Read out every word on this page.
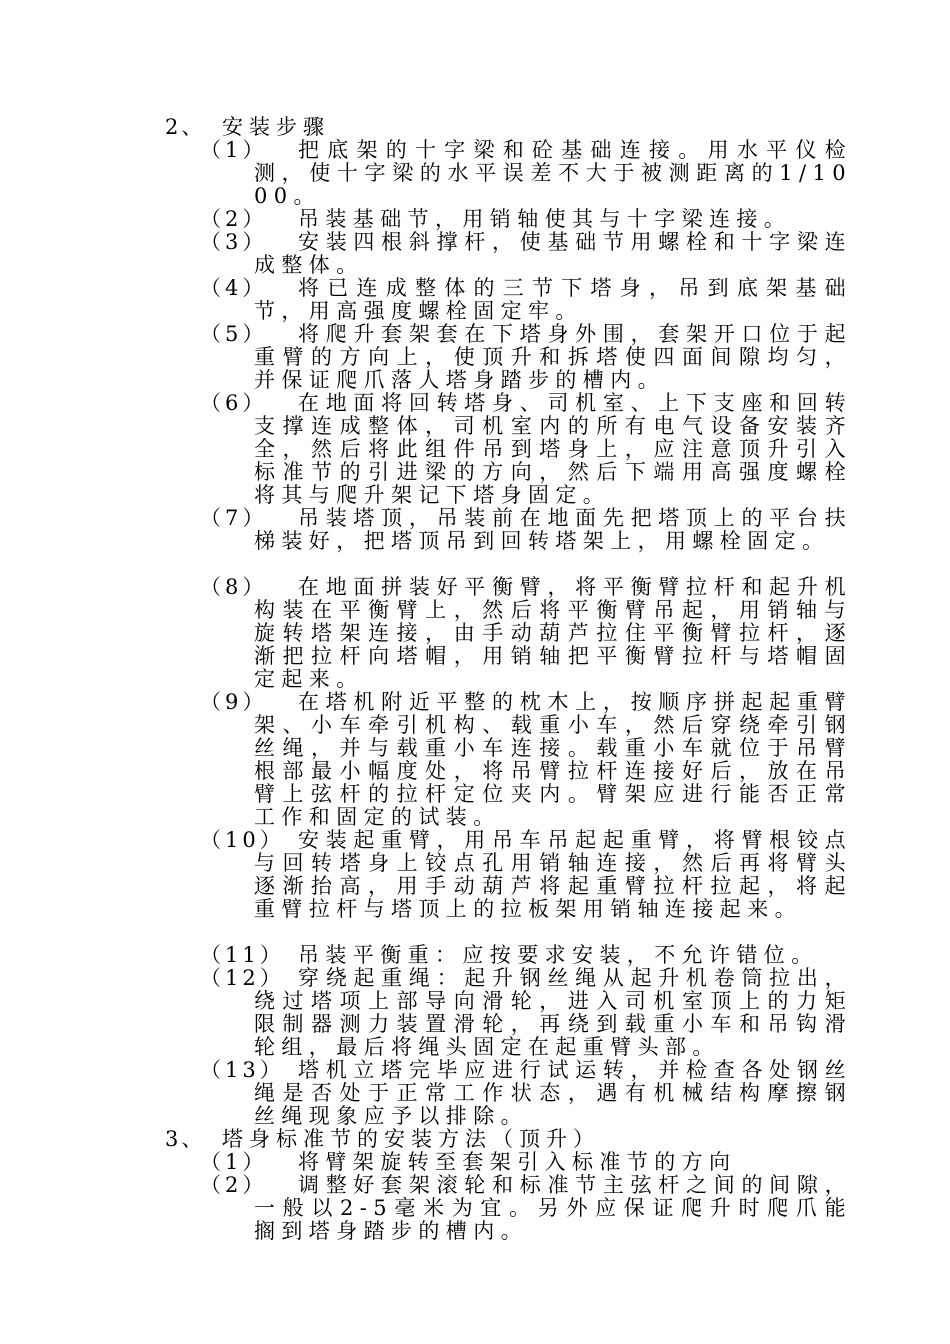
2、

安装步骤

（1）	把底架的十字梁和砼基础连接。用水平仪检测，使十字梁的水平误差不大于被测距离的1/1000。
（2）	吊装基础节，用销轴使其与十字梁连接。
（3）	安装四根斜撑杆，使基础节用螺栓和十字梁连成整体。
（4）	将已连成整体的三节下塔身，吊到底架基础节，用高强度螺栓固定牢。
（5）	将爬升套架套在下塔身外围，套架开口位于起重臂的方向上，使顶升和拆塔使四面间隙均匀，并保证爬爪落人塔身踏步的槽内。
（6）	在地面将回转塔身、司机室、上下支座和回转支撑连成整体，司机室内的所有电气设备安装齐全，然后将此组件吊到塔身上，应注意顶升引入标准节的引进梁的方向，然后下端用高强度螺栓将其与爬升架记下塔身固定。
（7）	吊装塔顶，吊装前在地面先把塔顶上的平台扶梯装好，把塔顶吊到回转塔架上，用螺栓固定。
（8）	在地面拼装好平衡臂，将平衡臂拉杆和起升机构装在平衡臂上，然后将平衡臂吊起，用销轴与旋转塔架连接，由手动葫芦拉住平衡臂拉杆，逐渐把拉杆向塔帽，用销轴把平衡臂拉杆与塔帽固定起来。
（9）	在塔机附近平整的枕木上，按顺序拼起起重臂架、小车牵引机构、载重小车，然后穿绕牵引钢丝绳，并与载重小车连接。载重小车就位于吊臂根部最小幅度处，将吊臂拉杆连接好后，放在吊臂上弦杆的拉杆定位夹内。臂架应进行能否正常工作和固定的试装。
（10） 安装起重臂，用吊车吊起起重臂，将臂根铰点与回转塔身上铰点孔用销轴连接，然后再将臂头逐渐抬高，用手动葫芦将起重臂拉杆拉起，将起重臂拉杆与塔顶上的拉板架用销轴连接起来。
（11） 吊装平衡重：应按要求安装，不允许错位。
（12） 穿绕起重绳：起升钢丝绳从起升机卷筒拉出，绕过塔项上部导向滑轮，进入司机室顶上的力矩限制器测力装置滑轮，再绕到载重小车和吊钩滑轮组，最后将绳头固定在起重臂头部。
（13） 塔机立塔完毕应进行试运转，并检查各处钢丝绳是否处于正常工作状态，遇有机械结构摩擦钢丝绳现象应予以排除。

3、

塔身标准节的安装方法（顶升）

（1）	将臂架旋转至套架引入标准节的方向
（2）	调整好套架滚轮和标准节主弦杆之间的间隙，一般以2-5毫米为宜。另外应保证爬升时爬爪能搁到塔身踏步的槽内。
